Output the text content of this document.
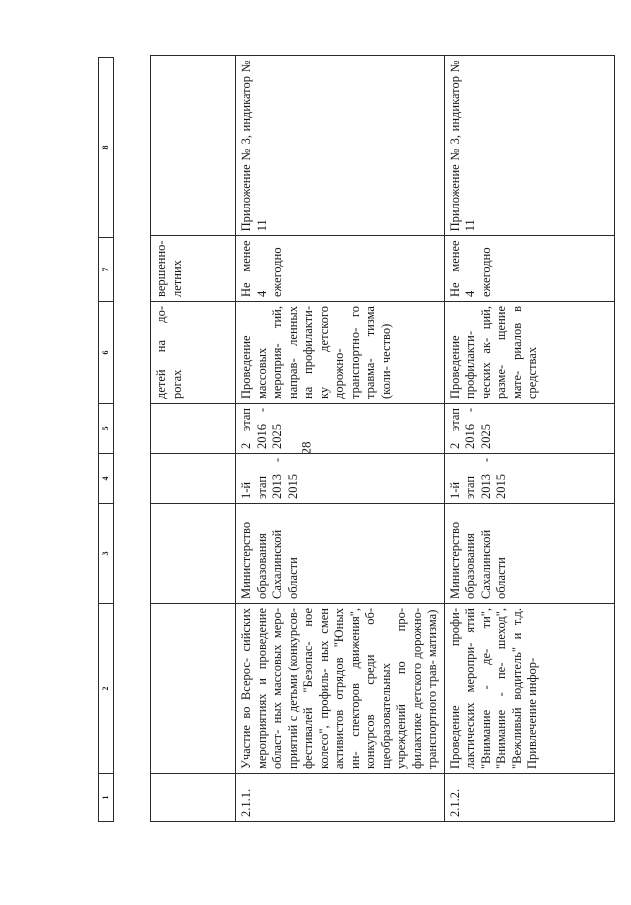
28
1	2	3	4	5	6	7	8
					детей на до- рогах	вершенно- летних	
2.1.1.	Участие во Всерос- сийских мероприятиях и проведение област- ных массовых меро- приятий с детьми (конкурсов- фестивалей "Безопас- ное колесо", профиль- ных смен активистов отрядов "Юных ин- спекторов движения", конкурсов среди об- щеобразовательных учреждений по про- филактике детского дорожно- транспортного трав- матизма)	Министерство образования Сахалинской области	1-й этап 2013 - 2015	2 этап 2016 - 2025	Проведение массовых мероприя- тий, направ- ленных на профилакти- ку детского дорожно- транспортно- го травма- тизма (коли- чество)	Не менее 4 ежегодно	Приложение № 3, индикатор № 11
2.1.2.	Проведение профи- лактических меропри- ятий "Внимание - де- ти", "Внимание - пе- шеход", "Вежливый водитель" и т.д. Привлечение инфор-	Министерство образования Сахалинской области	1-й этап 2013 - 2015	2 этап 2016 - 2025	Проведение профилакти- ческих ак- ций, разме- щение мате- риалов в средствах	Не менее 4 ежегодно	Приложение № 3, индикатор № 11
